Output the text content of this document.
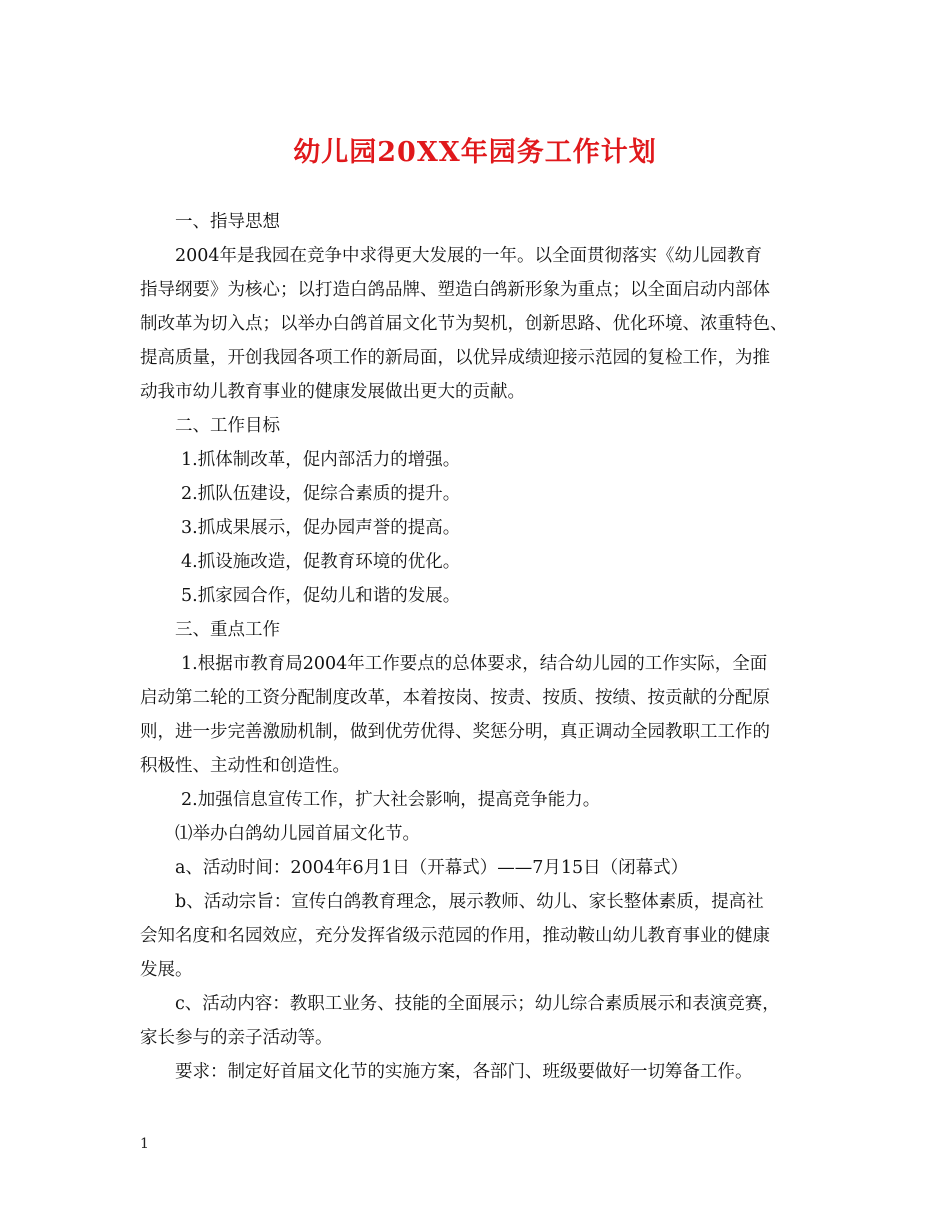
幼儿园20XX年园务工作计划

一、指导思想

2004年是我园在竞争中求得更大发展的一年。以全面贯彻落实《幼儿园教育

指导纲要》为核心；以打造白鸽品牌、塑造白鸽新形象为重点；以全面启动内部体

制改革为切入点；以举办白鸽首届文化节为契机，创新思路、优化环境、浓重特色、

提高质量，开创我园各项工作的新局面，以优异成绩迎接示范园的复检工作，为推

动我市幼儿教育事业的健康发展做出更大的贡献。

二、工作目标

1.抓体制改革，促内部活力的增强。

2.抓队伍建设，促综合素质的提升。

3.抓成果展示，促办园声誉的提高。

4.抓设施改造，促教育环境的优化。

5.抓家园合作，促幼儿和谐的发展。

三、重点工作

1.根据市教育局2004年工作要点的总体要求，结合幼儿园的工作实际，全面

启动第二轮的工资分配制度改革，本着按岗、按责、按质、按绩、按贡献的分配原

则，进一步完善激励机制，做到优劳优得、奖惩分明，真正调动全园教职工工作的

积极性、主动性和创造性。

2.加强信息宣传工作，扩大社会影响，提高竞争能力。

⑴举办白鸽幼儿园首届文化节。

a、活动时间：2004年6月1日（开幕式）——7月15日（闭幕式）

b、活动宗旨：宣传白鸽教育理念，展示教师、幼儿、家长整体素质，提高社

会知名度和名园效应，充分发挥省级示范园的作用，推动鞍山幼儿教育事业的健康

发展。

c、活动内容：教职工业务、技能的全面展示；幼儿综合素质展示和表演竞赛，

家长参与的亲子活动等。

要求：制定好首届文化节的实施方案，各部门、班级要做好一切筹备工作。

1
